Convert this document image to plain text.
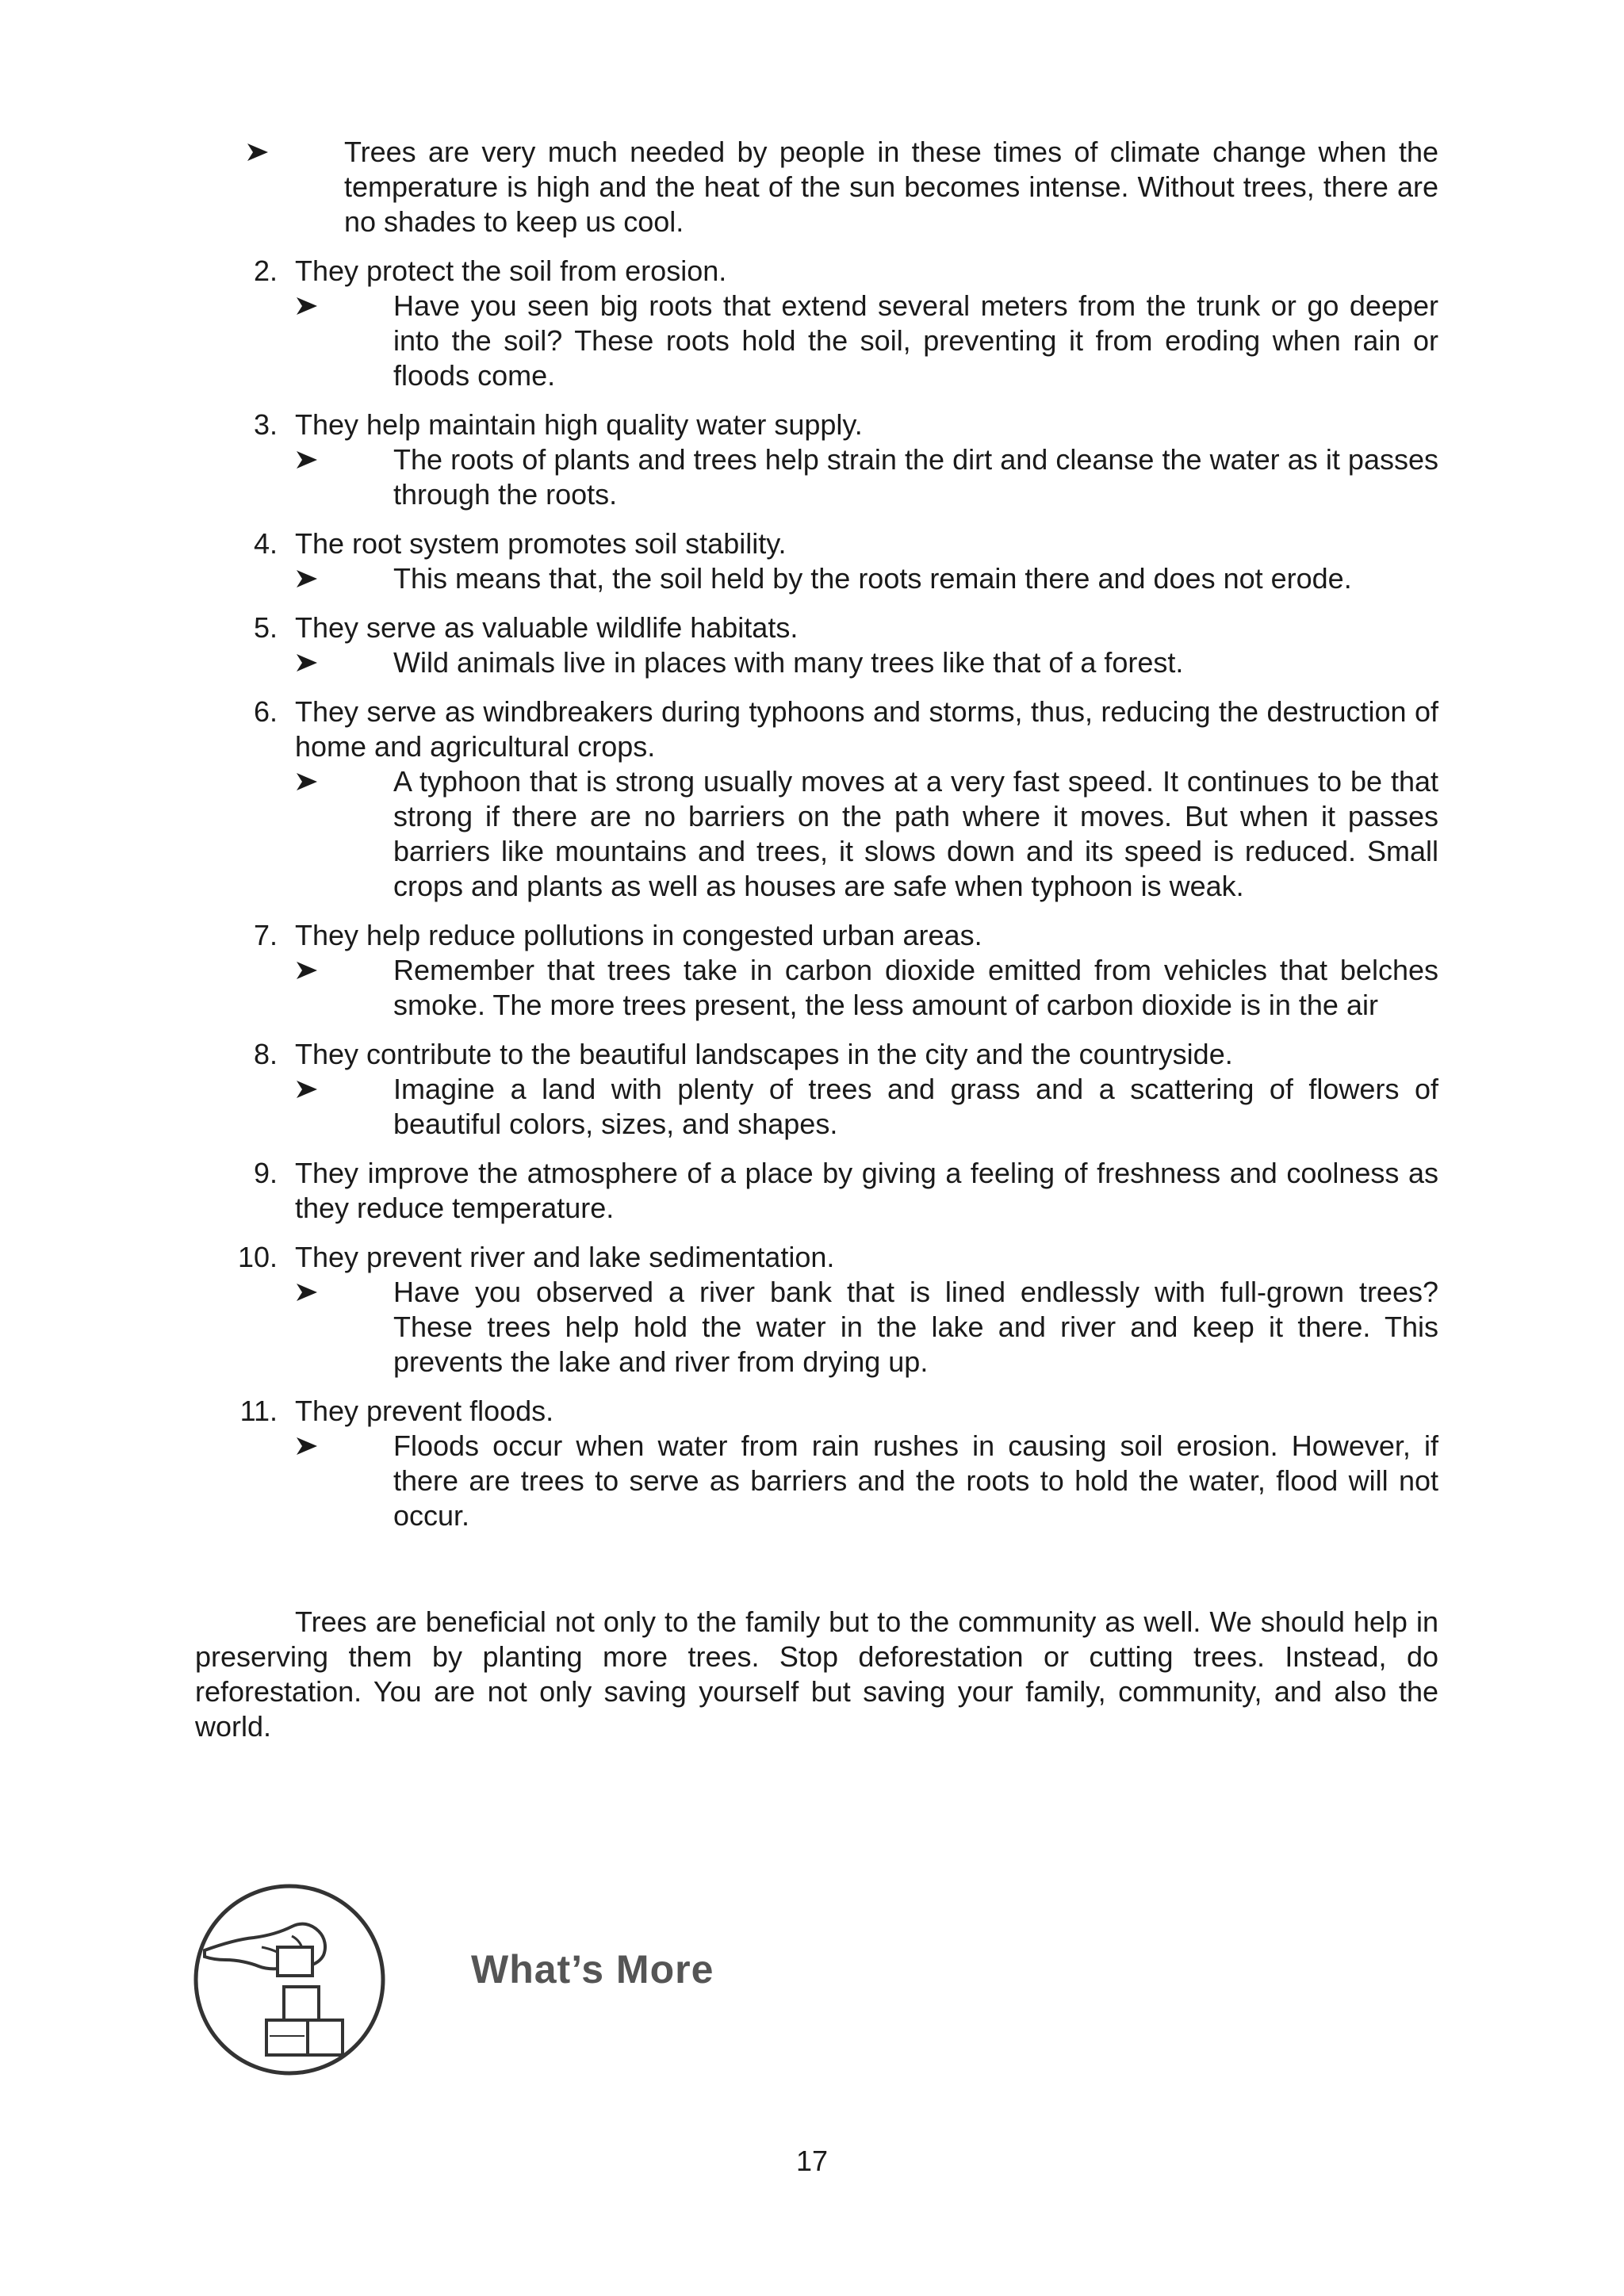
Trees are very much needed by people in these times of climate change when the temperature is high and the heat of the sun becomes intense. Without trees, there are no shades to keep us cool.
2. They protect the soil from erosion.
Have you seen big roots that extend several meters from the trunk or go deeper into the soil? These roots hold the soil, preventing it from eroding when rain or floods come.
3. They help maintain high quality water supply.
The roots of plants and trees help strain the dirt and cleanse the water as it passes through the roots.
4. The root system promotes soil stability.
This means that, the soil held by the roots remain there and does not erode.
5. They serve as valuable wildlife habitats.
Wild animals live in places with many trees like that of a forest.
6. They serve as windbreakers during typhoons and storms, thus, reducing the destruction of home and agricultural crops.
A typhoon that is strong usually moves at a very fast speed. It continues to be that strong if there are no barriers on the path where it moves. But when it passes barriers like mountains and trees, it slows down and its speed is reduced. Small crops and plants as well as houses are safe when typhoon is weak.
7. They help reduce pollutions in congested urban areas.
Remember that trees take in carbon dioxide emitted from vehicles that belches smoke. The more trees present, the less amount of carbon dioxide is in the air
8. They contribute to the beautiful landscapes in the city and the countryside.
Imagine a land with plenty of trees and grass and a scattering of flowers of beautiful colors, sizes, and shapes.
9. They improve the atmosphere of a place by giving a feeling of freshness and coolness as they reduce temperature.
10. They prevent river and lake sedimentation.
Have you observed a river bank that is lined endlessly with full-grown trees? These trees help hold the water in the lake and river and keep it there. This prevents the lake and river from drying up.
11. They prevent floods.
Floods occur when water from rain rushes in causing soil erosion. However, if there are trees to serve as barriers and the roots to hold the water, flood will not occur.

Trees are beneficial not only to the family but to the community as well. We should help in preserving them by planting more trees. Stop deforestation or cutting trees. Instead, do reforestation. You are not only saving yourself but saving your family, community, and also the world.

What’s More
17
